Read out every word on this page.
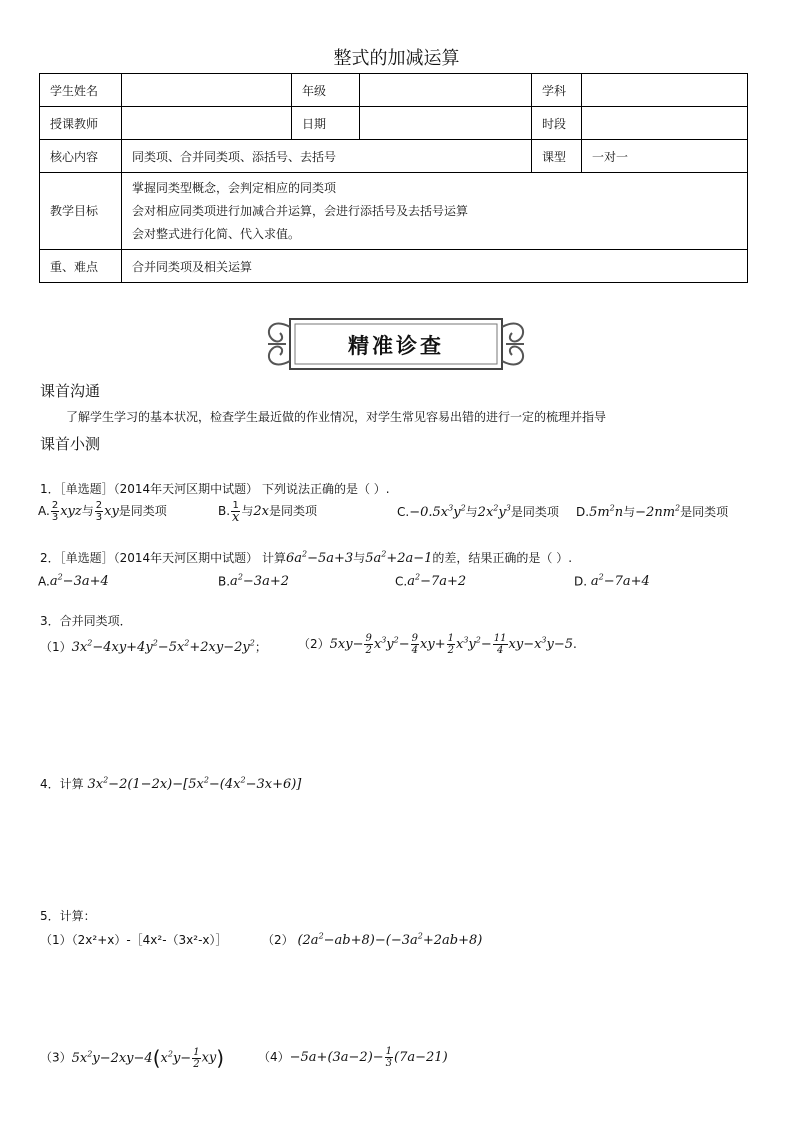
整式的加减运算
学生姓名		年级		学科	
授课教师		日期		时段	
核心内容	同类项、合并同类项、添括号、去括号			课型	一对一
教学目标	掌握同类型概念，会判定相应的同类项
会对相应同类项进行加减合并运算，会进行添括号及去括号运算
会对整式进行化简、代入求值。				

重、难点	合并同类项及相关运算				
精准诊查
课首沟通
了解学生学习的基本状况，检查学生最近做的作业情况，对学生常见容易出错的进行一定的梳理并指导
课首小测
1．［单选题］（2014年天河区期中试题） 下列说法正确的是（ ）.
A. $\frac{2}{3}$ xyz与 $\frac{2}{3}$ xy是同类项	B. $\frac{1}{x}$ 与2x是同类项	$C.-0.5x^3y^2$与$2x^2y^3$是同类项 $D.5m^2n$与$-2nm^2$是同类项
2．［单选题］（2014年天河区期中试题） 计算$6a^2-5a+3$与$5a^2+2a-1$的差，结果正确的是（ ）.
$A.a^2-3a+4$	$B.a^2-3a+2$	$C.a^2-7a+2$	D. $a^2-7a+4$
3．合并同类项．
$(1)3x^2-4xy+4y^2-5x^2+2xy-2y^2$；	$(2)5xy- \frac{9}{2} x^3y^2- \frac{9}{4} xy+ \frac{1}{2} x^3y^2- \frac{11}{4} xy-x^3y-5$.
4．计算 $3x^2-2(1-2x)-[5x^2-(4x^2-3x+6)]$
5．计算：
（1）（2x²+x）-［4x²-（3x²-x）］	（2） $(2a^2-ab+8)-(-3a^2+2ab+8)$
$(3)5x^2y-2xy-4(x^2y- \frac{1}{2} xy)$	$(4)-5a+(3a-2)- \frac{1}{3} (7a-21)$
